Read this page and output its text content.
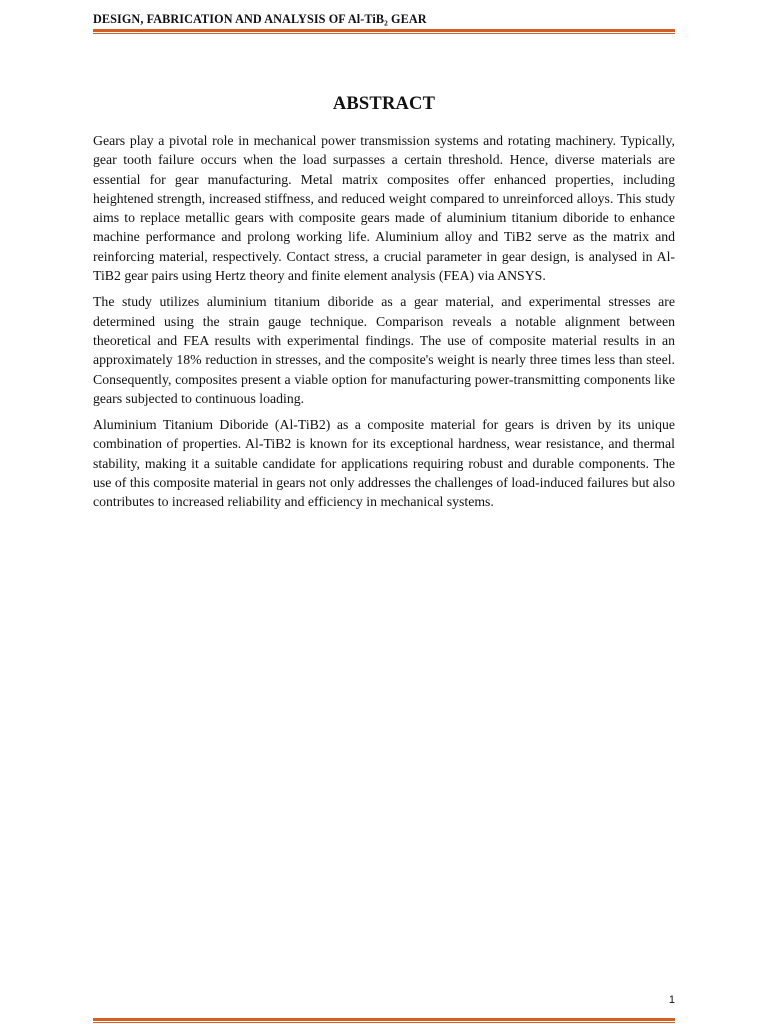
DESIGN, FABRICATION AND ANALYSIS OF Al-TiB₂ GEAR
ABSTRACT

Gears play a pivotal role in mechanical power transmission systems and rotating machinery. Typically, gear tooth failure occurs when the load surpasses a certain threshold. Hence, diverse materials are essential for gear manufacturing. Metal matrix composites offer enhanced properties, including heightened strength, increased stiffness, and reduced weight compared to unreinforced alloys. This study aims to replace metallic gears with composite gears made of aluminium titanium diboride to enhance machine performance and prolong working life. Aluminium alloy and TiB2 serve as the matrix and reinforcing material, respectively. Contact stress, a crucial parameter in gear design, is analysed in Al-TiB2 gear pairs using Hertz theory and finite element analysis (FEA) via ANSYS.

The study utilizes aluminium titanium diboride as a gear material, and experimental stresses are determined using the strain gauge technique. Comparison reveals a notable alignment between theoretical and FEA results with experimental findings. The use of composite material results in an approximately 18% reduction in stresses, and the composite's weight is nearly three times less than steel. Consequently, composites present a viable option for manufacturing power-transmitting components like gears subjected to continuous loading.

Aluminium Titanium Diboride (Al-TiB2) as a composite material for gears is driven by its unique combination of properties. Al-TiB2 is known for its exceptional hardness, wear resistance, and thermal stability, making it a suitable candidate for applications requiring robust and durable components. The use of this composite material in gears not only addresses the challenges of load-induced failures but also contributes to increased reliability and efficiency in mechanical systems.

1
